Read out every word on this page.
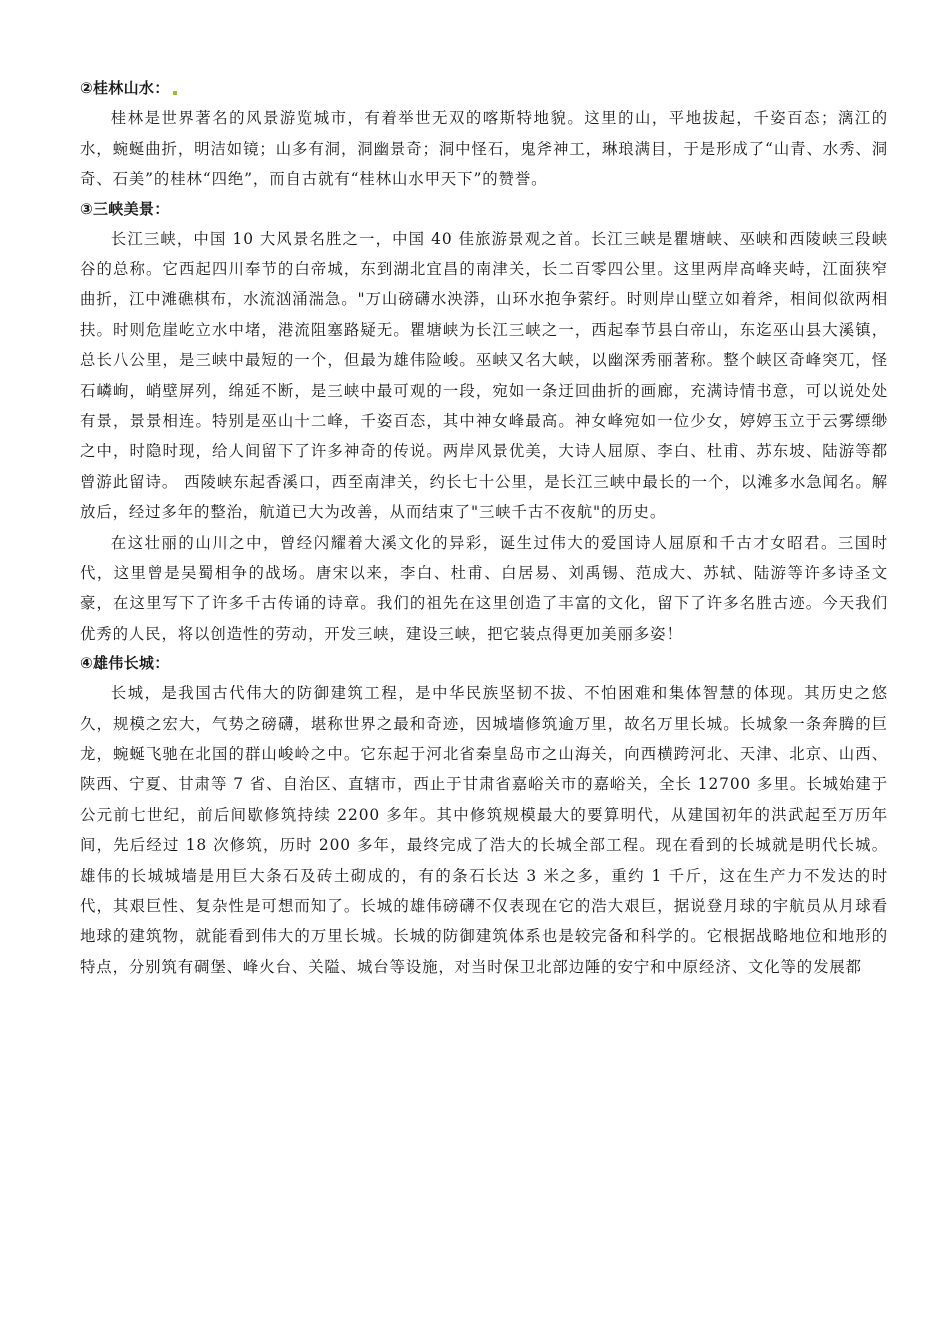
②桂林山水：

桂林是世界著名的风景游览城市，有着举世无双的喀斯特地貌。这里的山，平地拔起，千姿百态；漓江的水，蜿蜒曲折，明洁如镜；山多有洞，洞幽景奇；洞中怪石，鬼斧神工，琳琅满目，于是形成了“山青、水秀、洞奇、石美”的桂林“四绝”，而自古就有“桂林山水甲天下”的赞誉。

③三峡美景：

长江三峡，中国 10 大风景名胜之一，中国 40 佳旅游景观之首。长江三峡是瞿塘峡、巫峡和西陵峡三段峡谷的总称。它西起四川奉节的白帝城，东到湖北宜昌的南津关，长二百零四公里。这里两岸高峰夹峙，江面狭窄曲折，江中滩礁棋布，水流汹涌湍急。"万山磅礴水泱漭，山环水抱争萦纡。时则岸山壁立如着斧，相间似欲两相扶。时则危崖屹立水中堵，港流阻塞路疑无。瞿塘峡为长江三峡之一，西起奉节县白帝山，东迄巫山县大溪镇，总长八公里，是三峡中最短的一个，但最为雄伟险峻。巫峡又名大峡，以幽深秀丽著称。整个峡区奇峰突兀，怪石嶙峋，峭壁屏列，绵延不断，是三峡中最可观的一段，宛如一条迂回曲折的画廊，充满诗情书意，可以说处处有景，景景相连。特别是巫山十二峰，千姿百态，其中神女峰最高。神女峰宛如一位少女，婷婷玉立于云雾缥缈之中，时隐时现，给人间留下了许多神奇的传说。两岸风景优美，大诗人屈原、李白、杜甫、苏东坡、陆游等都曾游此留诗。 西陵峡东起香溪口，西至南津关，约长七十公里，是长江三峡中最长的一个，以滩多水急闻名。解放后，经过多年的整治，航道已大为改善，从而结束了"三峡千古不夜航"的历史。

在这壮丽的山川之中，曾经闪耀着大溪文化的异彩，诞生过伟大的爱国诗人屈原和千古才女昭君。三国时代，这里曾是吴蜀相争的战场。唐宋以来，李白、杜甫、白居易、刘禹锡、范成大、苏轼、陆游等许多诗圣文豪，在这里写下了许多千古传诵的诗章。我们的祖先在这里创造了丰富的文化，留下了许多名胜古迹。今天我们优秀的人民，将以创造性的劳动，开发三峡，建设三峡，把它装点得更加美丽多姿！

④雄伟长城：

长城，是我国古代伟大的防御建筑工程，是中华民族坚韧不拔、不怕困难和集体智慧的体现。其历史之悠久，规模之宏大，气势之磅礴，堪称世界之最和奇迹，因城墙修筑逾万里，故名万里长城。长城象一条奔腾的巨龙，蜿蜒飞驰在北国的群山峻岭之中。它东起于河北省秦皇岛市之山海关，向西横跨河北、天津、北京、山西、陕西、宁夏、甘肃等 7 省、自治区、直辖市，西止于甘肃省嘉峪关市的嘉峪关，全长 12700 多里。长城始建于公元前七世纪，前后间歇修筑持续 2200 多年。其中修筑规模最大的要算明代，从建国初年的洪武起至万历年间，先后经过 18 次修筑，历时 200 多年，最终完成了浩大的长城全部工程。现在看到的长城就是明代长城。雄伟的长城城墙是用巨大条石及砖土砌成的，有的条石长达 3 米之多，重约 1 千斤，这在生产力不发达的时代，其艰巨性、复杂性是可想而知了。长城的雄伟磅礴不仅表现在它的浩大艰巨，据说登月球的宇航员从月球看地球的建筑物，就能看到伟大的万里长城。长城的防御建筑体系也是较完备和科学的。它根据战略地位和地形的特点，分别筑有碉堡、峰火台、关隘、城台等设施，对当时保卫北部边陲的安宁和中原经济、文化等的发展都
